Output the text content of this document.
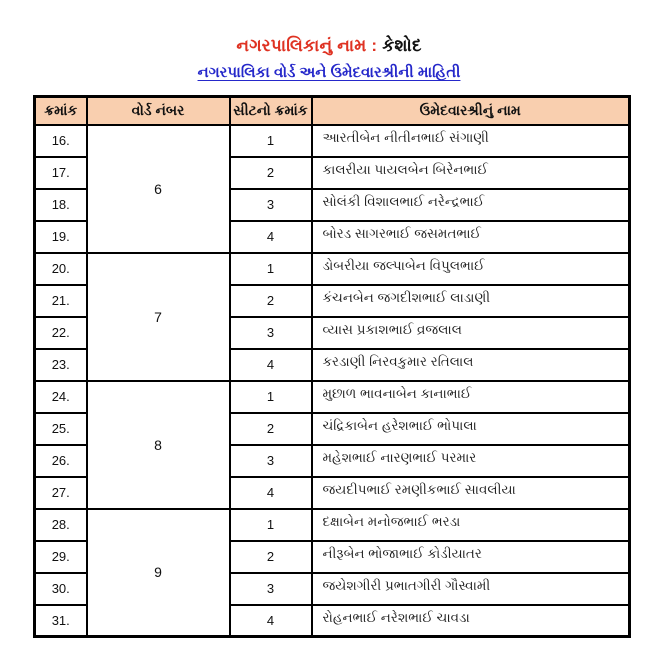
નગરપાલિકાનું નામ : કેશોદ
નગરપાલિકા વોર્ડ અને ઉમેદવારશ્રીની માહિતી
ક્રમાંક	વોર્ડ નંબર	સીટનો ક્રમાંક	ઉમેદવારશ્રીનું નામ
16.	6	1	આરતીબેન નીતીનભાઈ સંગાણી
17.		2	કાલરીયા પાયલબેન બિરેનભાઈ
18.		3	સોલંકી વિશાલભાઈ નરેન્દ્રભાઈ
19.		4	બોરડ સાગરભાઈ જસમતભાઈ
20.	7	1	ડોબરીયા જલ્પાબેન વિપુલભાઈ
21.		2	કંચનબેન જગદીશભાઈ લાડાણી
22.		3	વ્યાસ પ્રકાશભાઈ વ્રજલાલ
23.		4	કરડાણી નિરવકુમાર રતિલાલ
24.	8	1	મુછાળ ભાવનાબેન કાનાભાઈ
25.		2	ચંદ્રિકાબેન હરેશભાઈ ભોપાલા
26.		3	મહેશભાઈ નારણભાઈ પરમાર
27.		4	જયદીપભાઈ રમણીકભાઈ સાવલીયા
28.	9	1	દક્ષાબેન મનોજભાઈ ભરડા
29.		2	નીરૂબેન ભોજાભાઈ કોડીયાતર
30.		3	જયેશગીરી પ્રભાતગીરી ગૌસ્વામી
31.		4	રોહનભાઈ નરેશભાઈ ચાવડા
